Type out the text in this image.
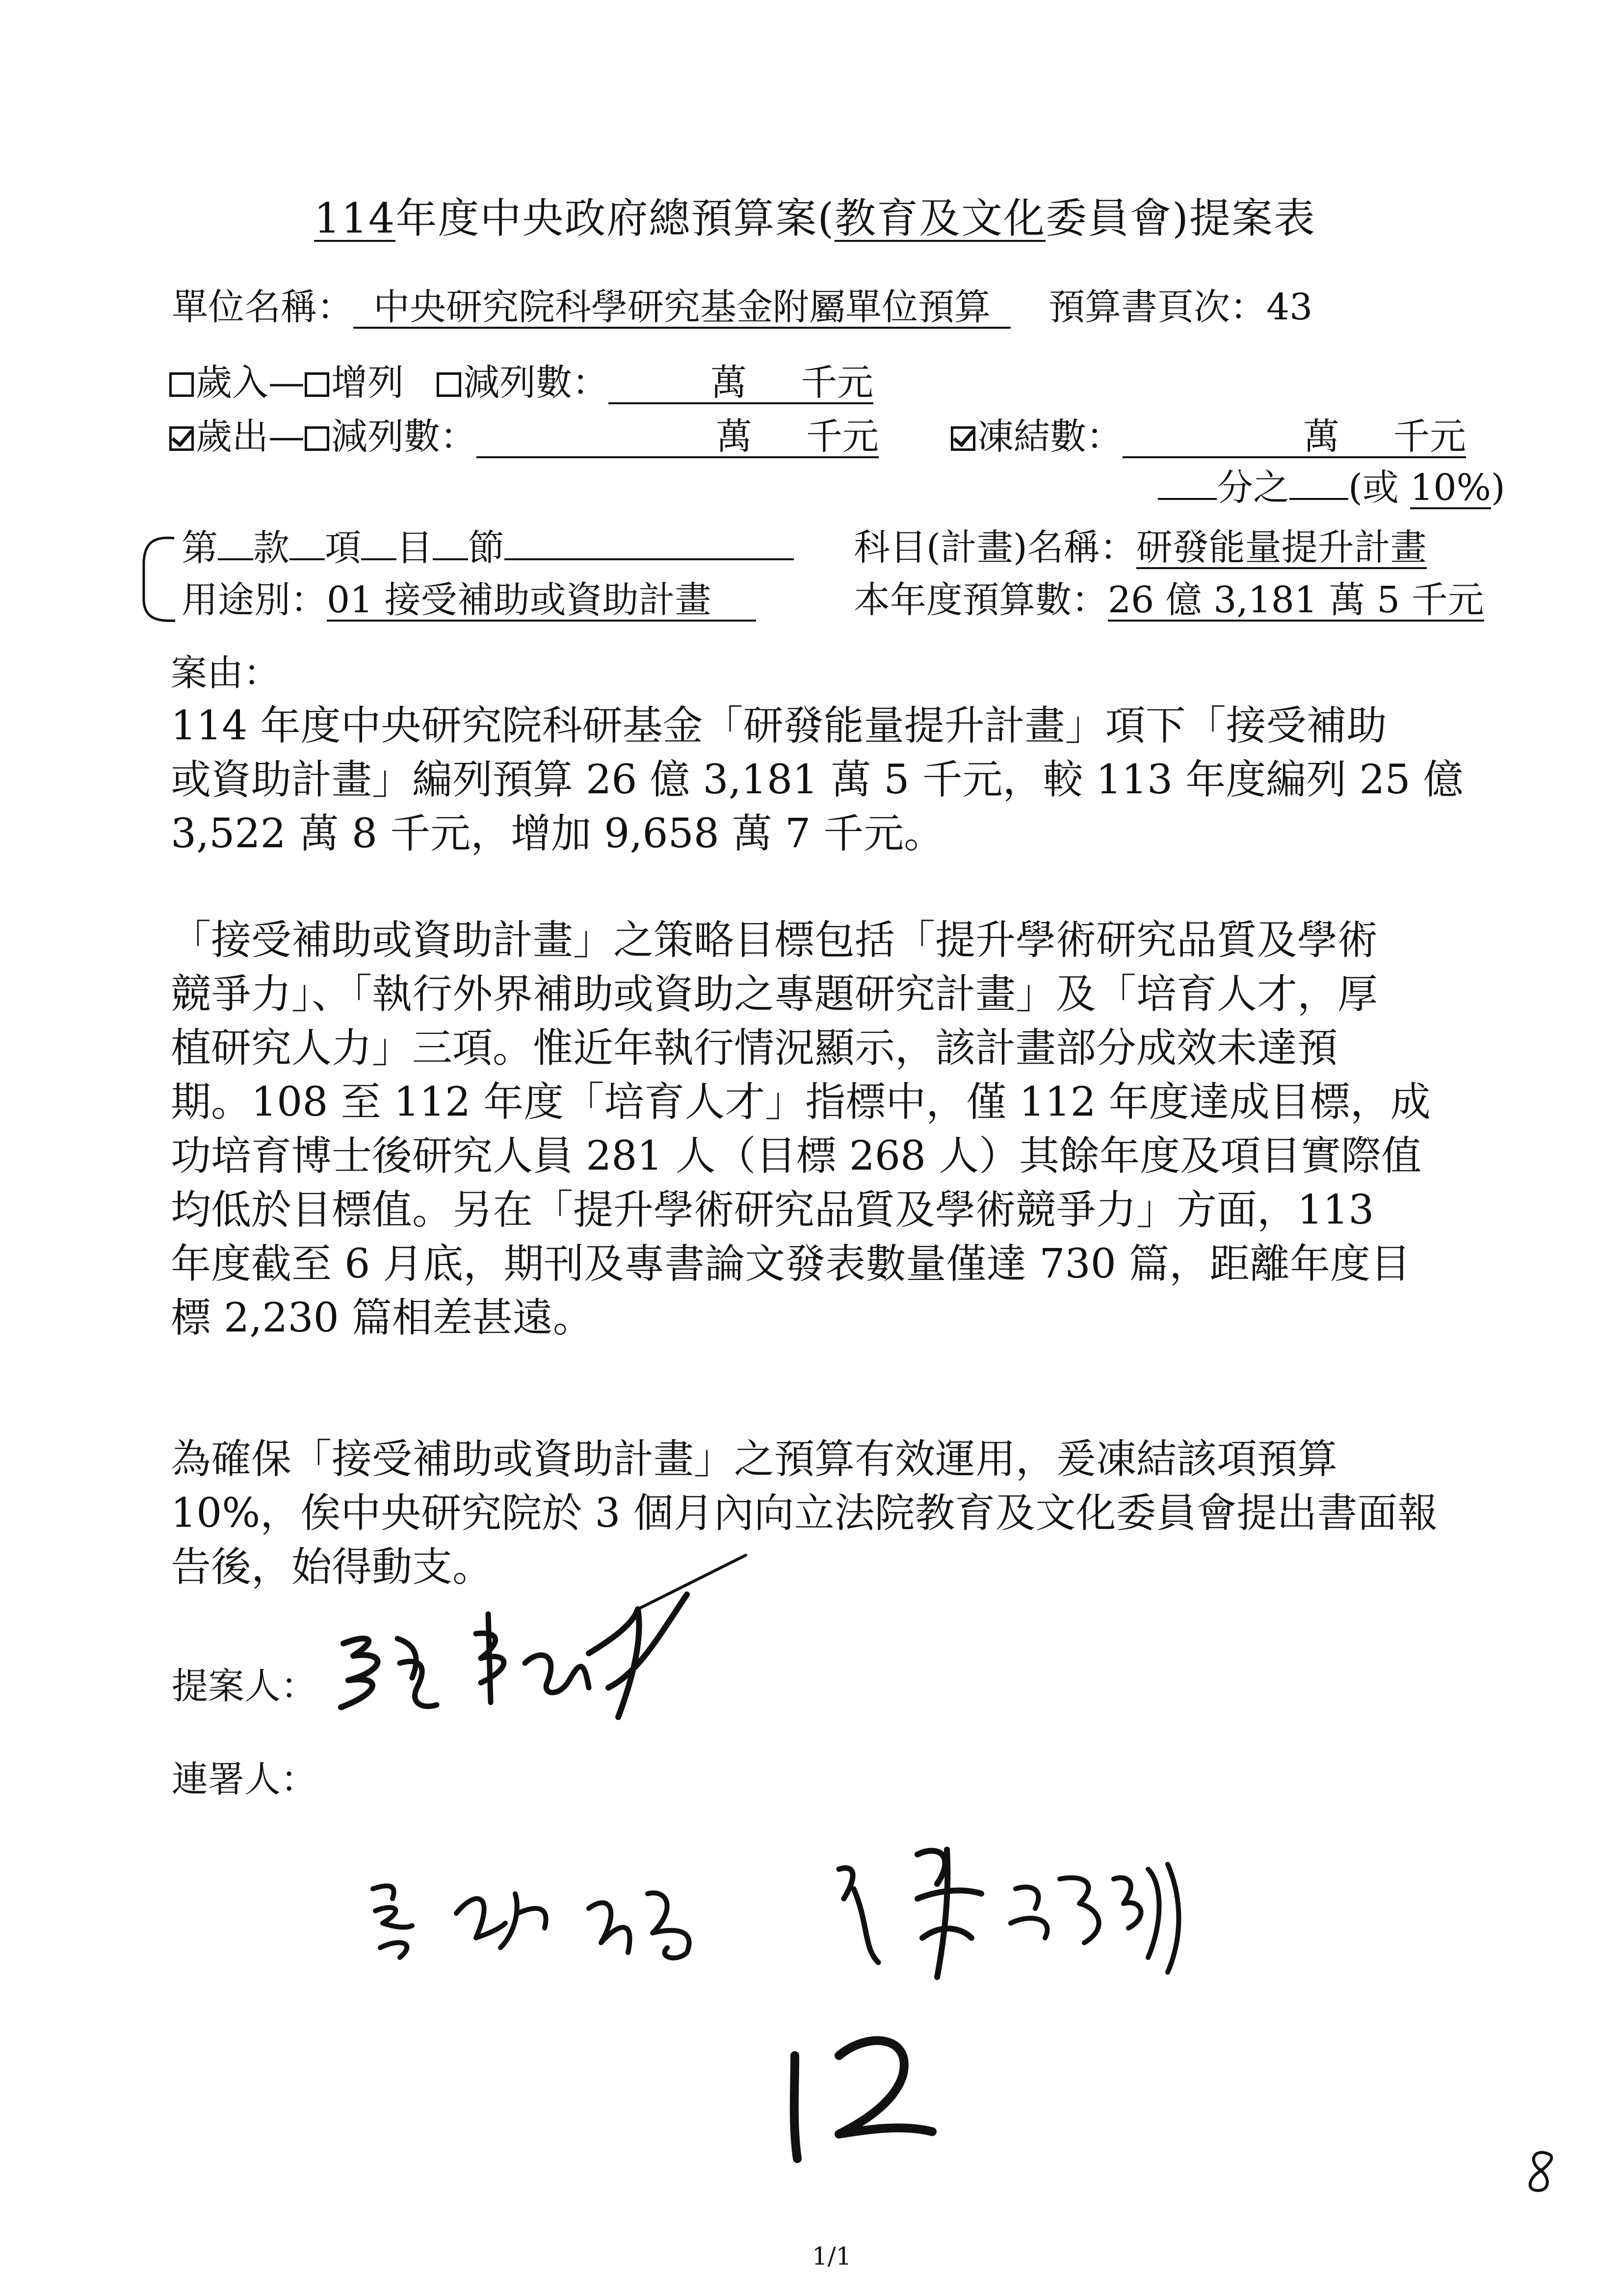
114年度中央政府總預算案(教育及文化委員會)提案表
單位名稱： 中央研究院科學研究基金附屬單位預算 預算書頁次：43
歲入— 增列 減列數：	萬 千元
歲出— 減列數：	萬 千元	凍結數：	萬 千元
分之 (或 10%)
第 款 項 目 節	科目(計畫)名稱：研發能量提升計畫
用途別：01 接受補助或資助計畫	本年度預算數：26 億 3,181 萬 5 千元
案由：
114 年度中央研究院科研基金「研發能量提升計畫」項下「接受補助
或資助計畫」編列預算 26 億 3,181 萬 5 千元，較 113 年度編列 25 億
3,522 萬 8 千元，增加 9,658 萬 7 千元。
「接受補助或資助計畫」之策略目標包括「提升學術研究品質及學術
競爭力」、「執行外界補助或資助之專題研究計畫」及「培育人才，厚
植研究人力」三項。惟近年執行情況顯示，該計畫部分成效未達預
期。108 至 112 年度「培育人才」指標中，僅 112 年度達成目標，成
功培育博士後研究人員 281 人（目標 268 人）其餘年度及項目實際值
均低於目標值。另在「提升學術研究品質及學術競爭力」方面，113
年度截至 6 月底，期刊及專書論文發表數量僅達 730 篇，距離年度目
標 2,230 篇相差甚遠。
為確保「接受補助或資助計畫」之預算有效運用，爰凍結該項預算
10%，俟中央研究院於 3 個月內向立法院教育及文化委員會提出書面報
告後，始得動支。
提案人：
連署人：
1/1
